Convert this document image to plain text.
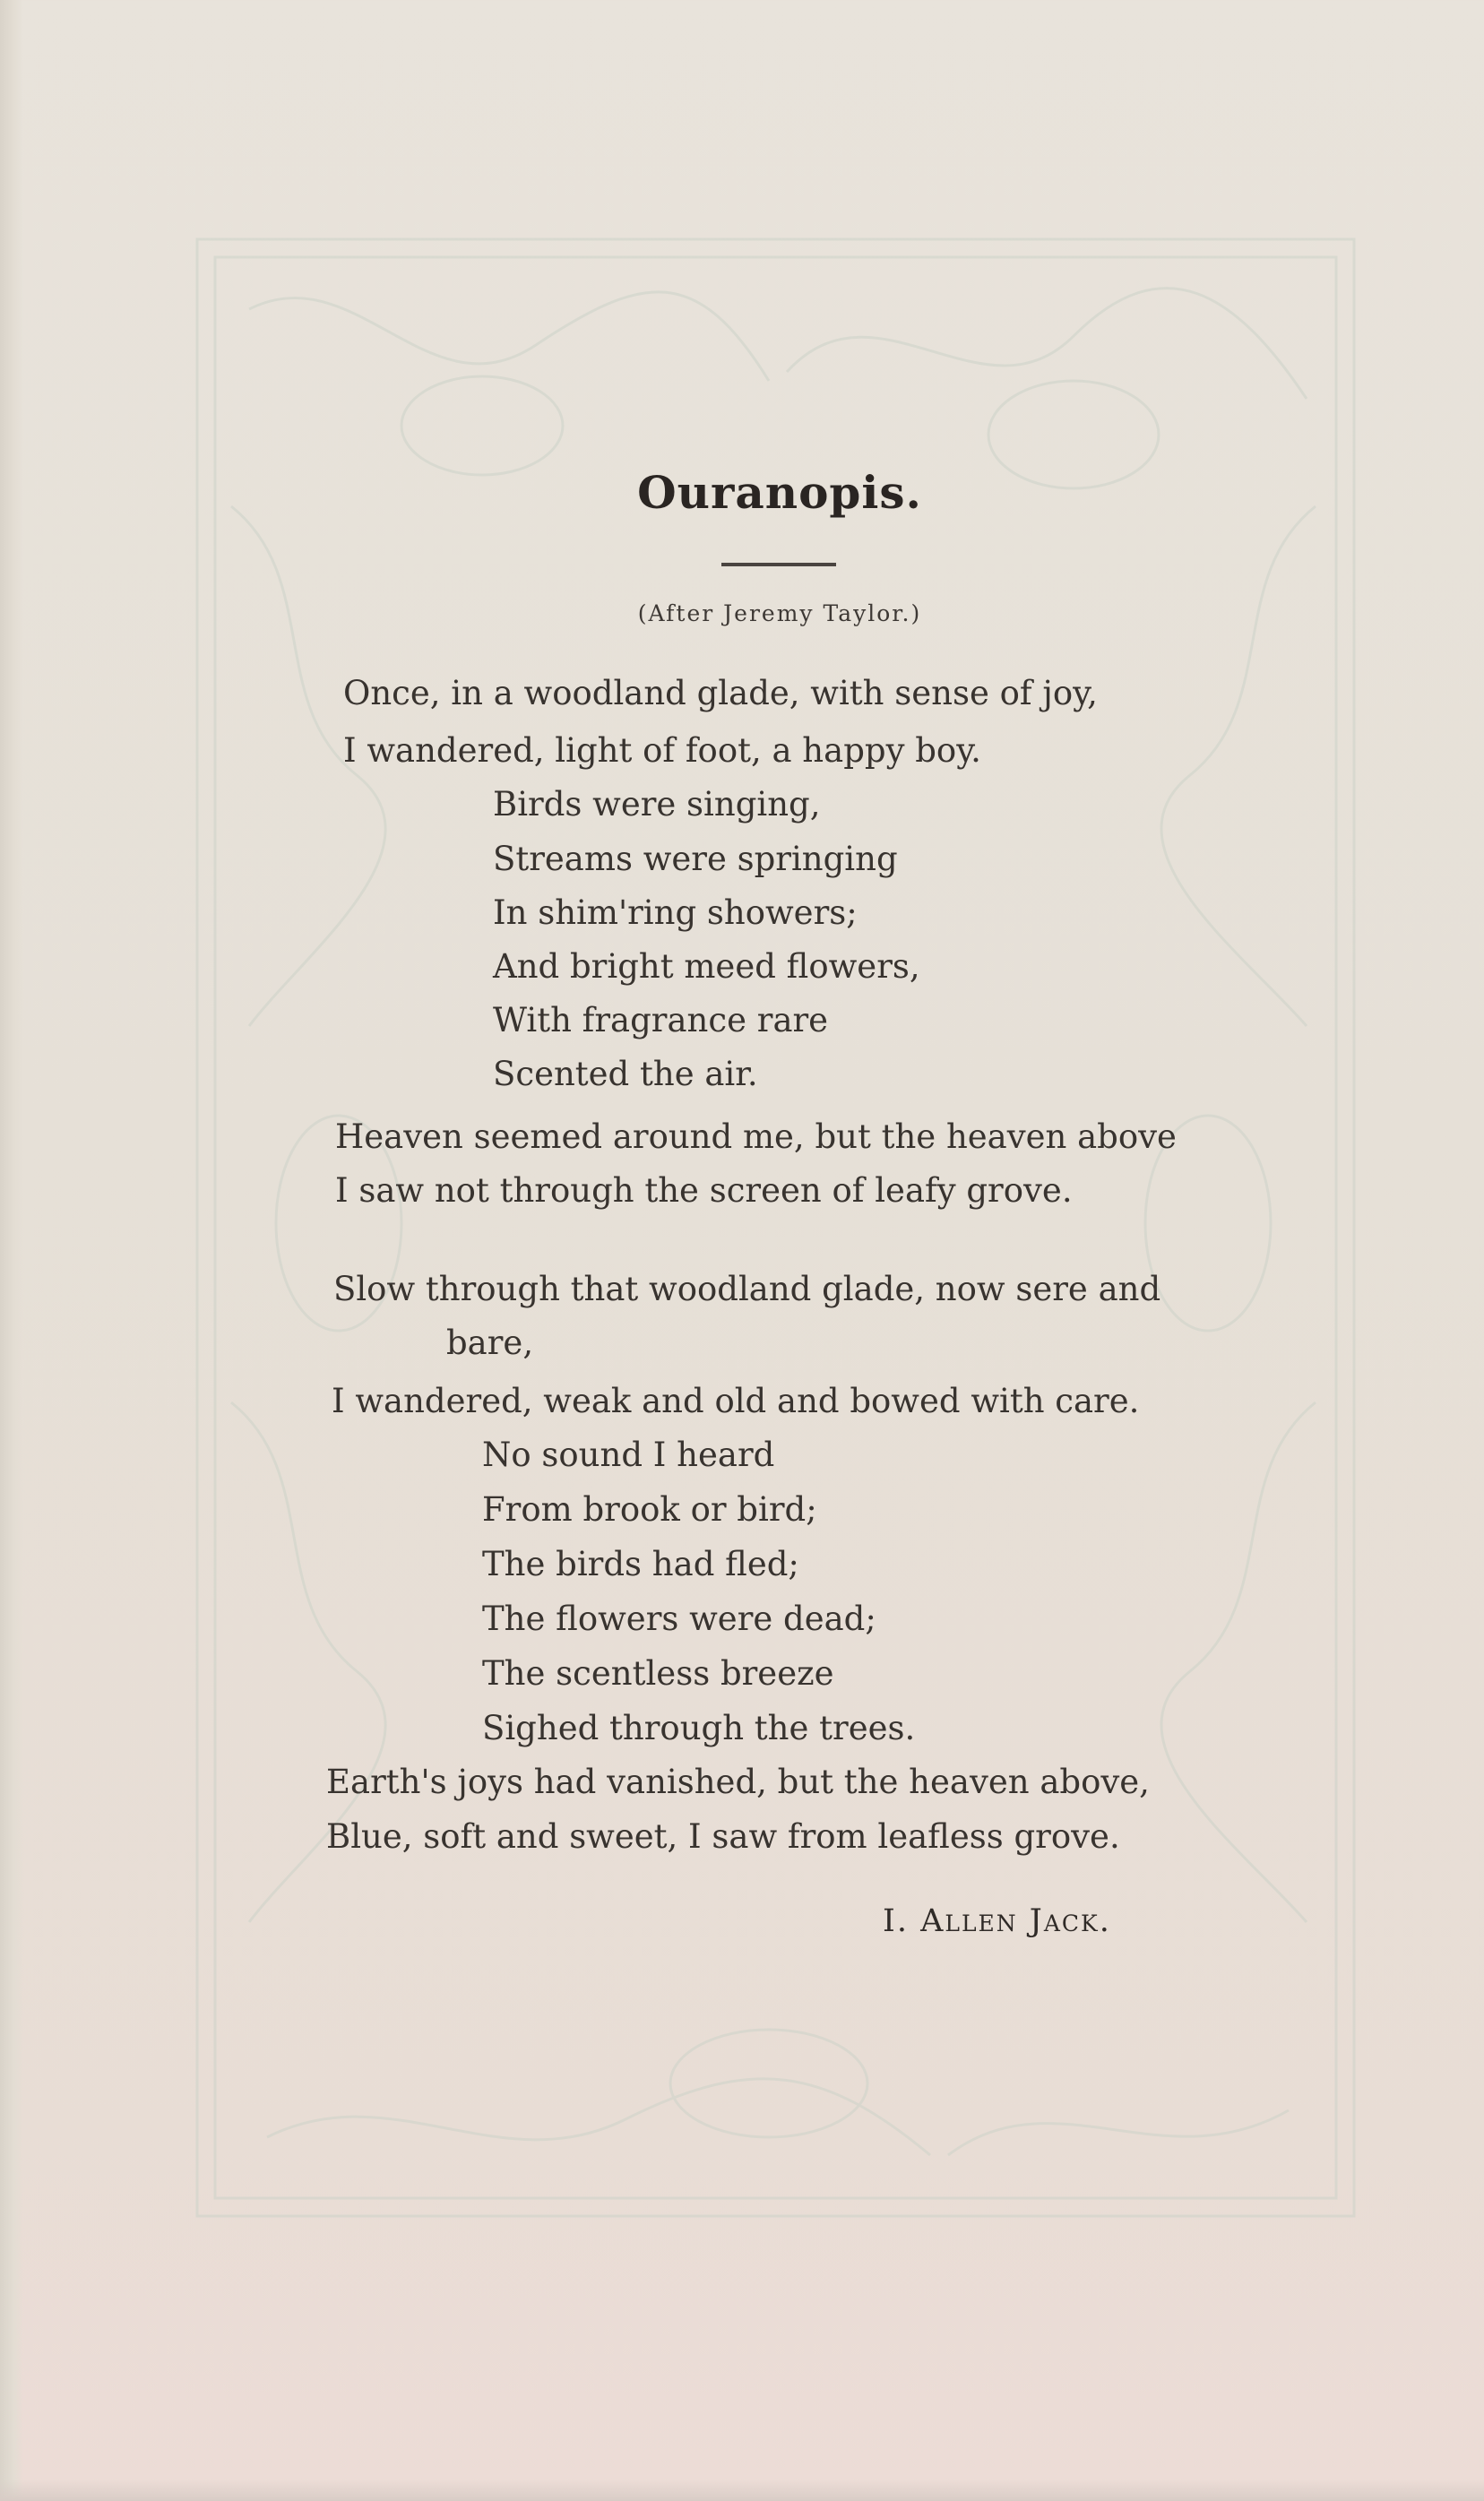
Ouranopis.
(After Jeremy Taylor.)
Once, in a woodland glade, with sense of joy,
I wandered, light of foot, a happy boy.
Birds were singing,
Streams were springing
In shim'ring showers;
And bright meed flowers,
With fragrance rare
Scented the air.
Heaven seemed around me, but the heaven above
I saw not through the screen of leafy grove.
Slow through that woodland glade, now sere and
bare,
I wandered, weak and old and bowed with care.
No sound I heard
From brook or bird;
The birds had fled;
The flowers were dead;
The scentless breeze
Sighed through the trees.
Earth's joys had vanished, but the heaven above,
Blue, soft and sweet, I saw from leafless grove.
I. Allen Jack.
